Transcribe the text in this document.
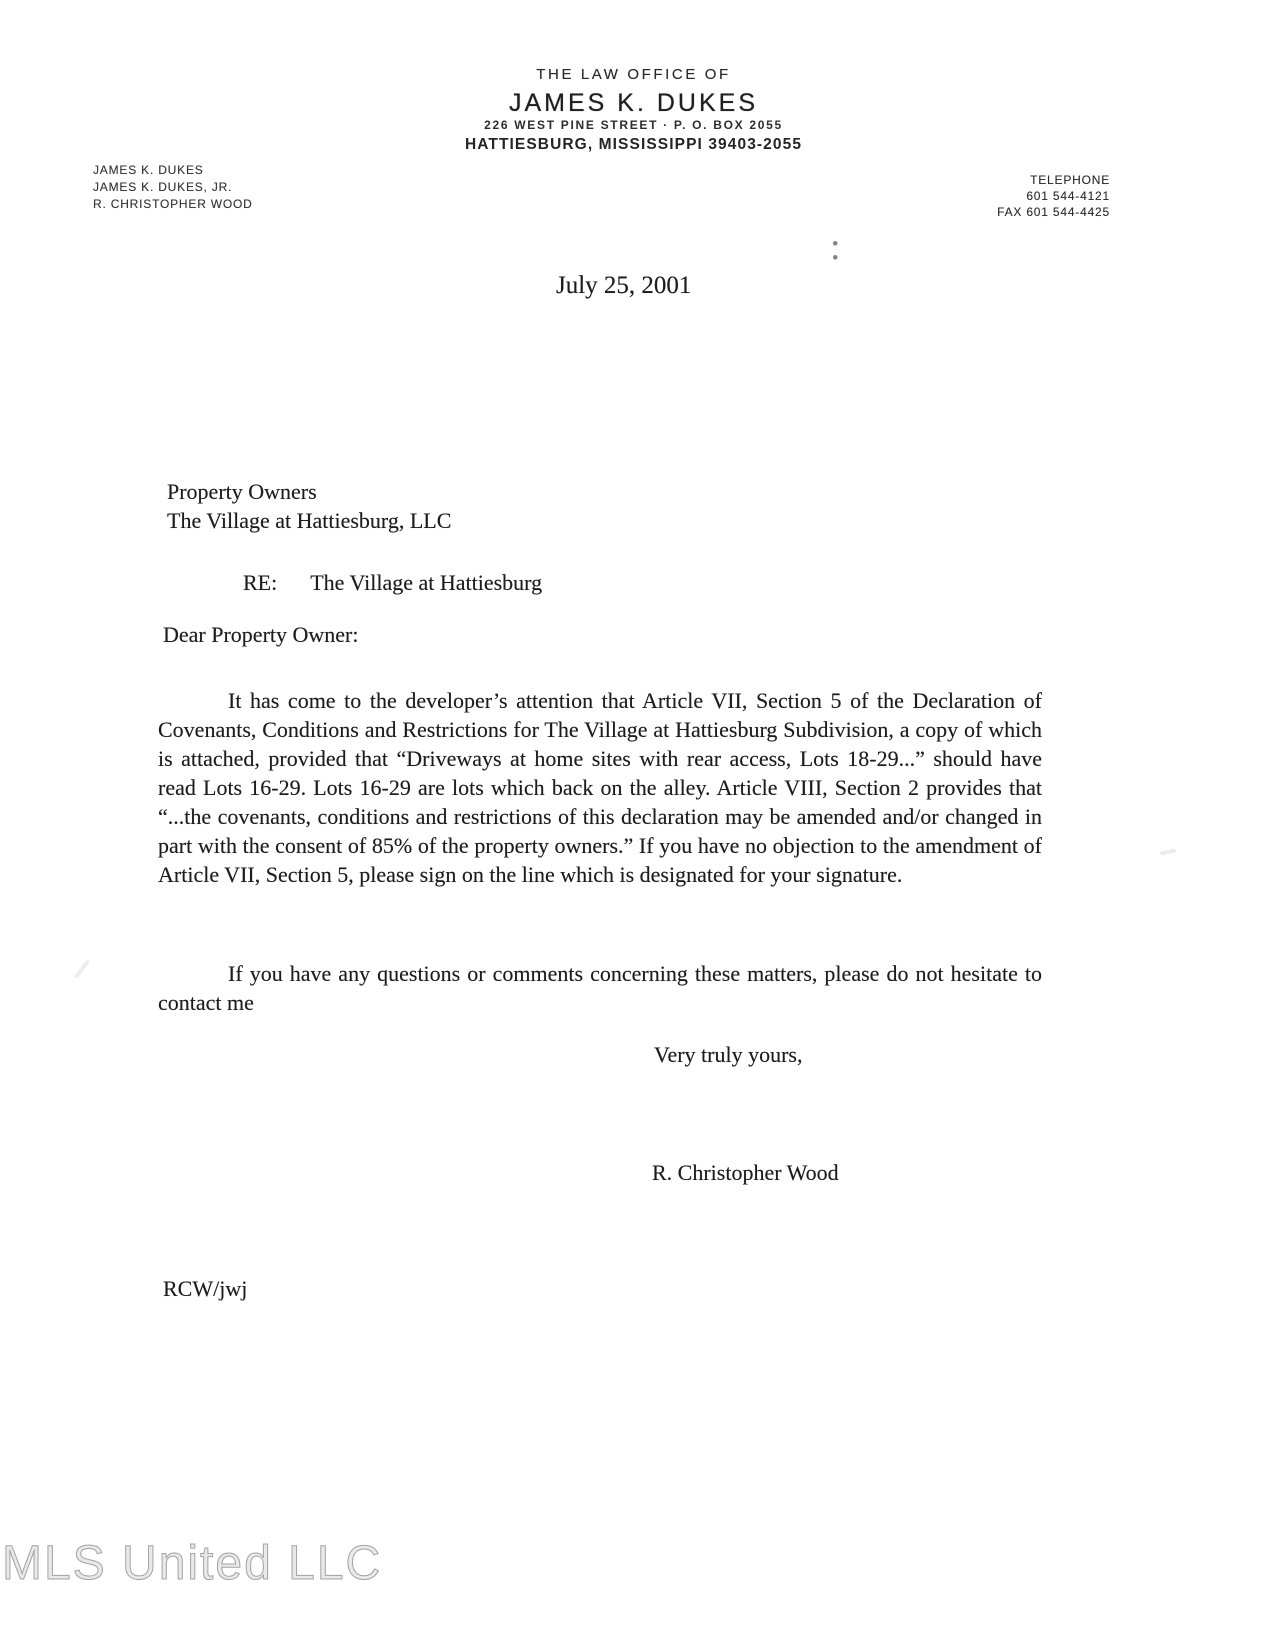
THE LAW OFFICE OF
JAMES K. DUKES
226 WEST PINE STREET · P. O. BOX 2055
HATTIESBURG, MISSISSIPPI 39403-2055
JAMES K. DUKES
JAMES K. DUKES, JR.
R. CHRISTOPHER WOOD
TELEPHONE
601 544-4121
FAX 601 544-4425
:
July 25, 2001
Property Owners
The Village at Hattiesburg, LLC
RE: The Village at Hattiesburg
Dear Property Owner:

It has come to the developer’s attention that Article VII, Section 5 of the Declaration of Covenants, Conditions and Restrictions for The Village at Hattiesburg Subdivision, a copy of which is attached, provided that “Driveways at home sites with rear access, Lots 18-29...” should have read Lots 16-29. Lots 16-29 are lots which back on the alley. Article VIII, Section 2 provides that “...the covenants, conditions and restrictions of this declaration may be amended and/or changed in part with the consent of 85% of the property owners.” If you have no objection to the amendment of Article VII, Section 5, please sign on the line which is designated for your signature.

If you have any questions or comments concerning these matters, please do not hesitate to contact me

Very truly yours,
R. Christopher Wood
RCW/jwj
MLS United LLC
